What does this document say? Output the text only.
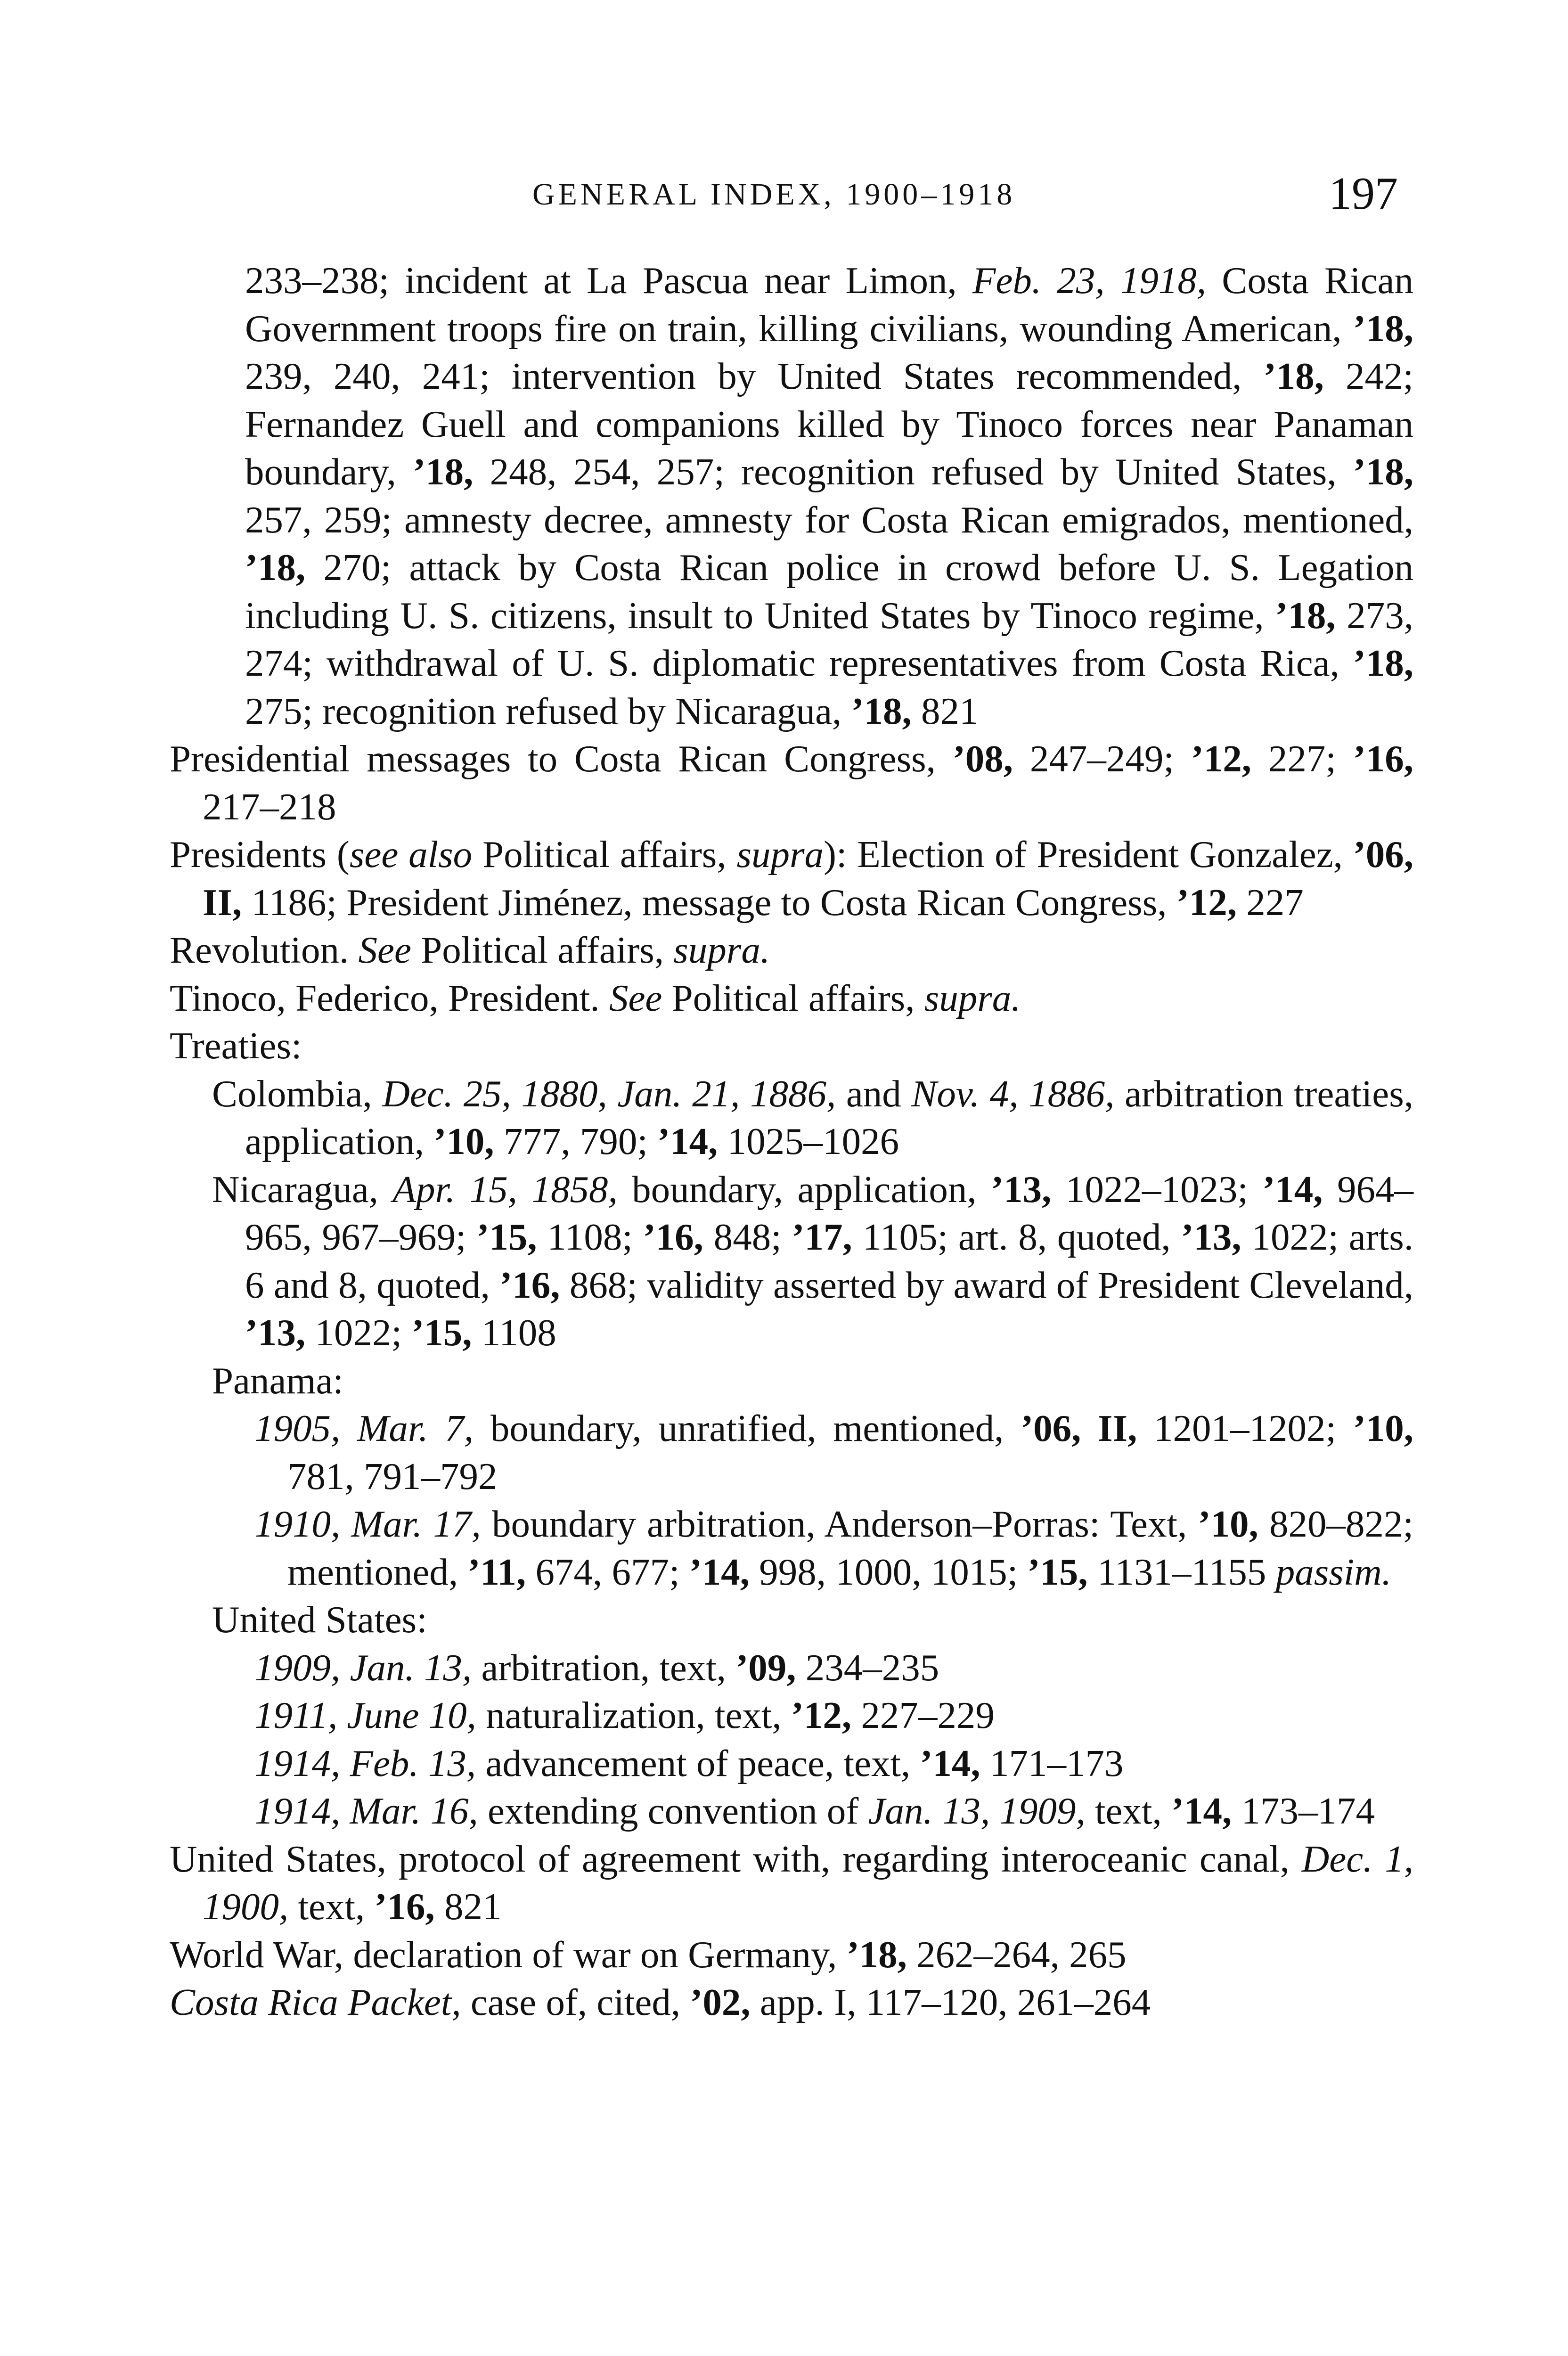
GENERAL INDEX, 1900–1918	197

233–238; incident at La Pascua near Limon, Feb. 23, 1918, Costa Rican Government troops fire on train, killing civilians, wounding American, ’18, 239, 240, 241; intervention by United States recommended, ’18, 242; Fernandez Guell and companions killed by Tinoco forces near Panaman boundary, ’18, 248, 254, 257; recognition refused by United States, ’18, 257, 259; amnesty decree, amnesty for Costa Rican emigrados, mentioned, ’18, 270; attack by Costa Rican police in crowd before U. S. Legation including U. S. citizens, insult to United States by Tinoco regime, ’18, 273, 274; withdrawal of U. S. diplomatic representatives from Costa Rica, ’18, 275; recognition refused by Nicaragua, ’18, 821

Presidential messages to Costa Rican Congress, ’08, 247–249; ’12, 227; ’16, 217–218

Presidents (see also Political affairs, supra): Election of President Gonzalez, ’06, II, 1186; President Jiménez, message to Costa Rican Congress, ’12, 227

Revolution. See Political affairs, supra.

Tinoco, Federico, President. See Political affairs, supra.

Treaties:

Colombia, Dec. 25, 1880, Jan. 21, 1886, and Nov. 4, 1886, arbitration treaties, application, ’10, 777, 790; ’14, 1025–1026

Nicaragua, Apr. 15, 1858, boundary, application, ’13, 1022–1023; ’14, 964–965, 967–969; ’15, 1108; ’16, 848; ’17, 1105; art. 8, quoted, ’13, 1022; arts. 6 and 8, quoted, ’16, 868; validity asserted by award of President Cleveland, ’13, 1022; ’15, 1108

Panama:

1905, Mar. 7, boundary, unratified, mentioned, ’06, II, 1201–1202; ’10, 781, 791–792

1910, Mar. 17, boundary arbitration, Anderson–Porras: Text, ’10, 820–822; mentioned, ’11, 674, 677; ’14, 998, 1000, 1015; ’15, 1131–1155 passim.

United States:

1909, Jan. 13, arbitration, text, ’09, 234–235

1911, June 10, naturalization, text, ’12, 227–229

1914, Feb. 13, advancement of peace, text, ’14, 171–173

1914, Mar. 16, extending convention of Jan. 13, 1909, text, ’14, 173–174

United States, protocol of agreement with, regarding interoceanic canal, Dec. 1, 1900, text, ’16, 821

World War, declaration of war on Germany, ’18, 262–264, 265

Costa Rica Packet, case of, cited, ’02, app. I, 117–120, 261–264
